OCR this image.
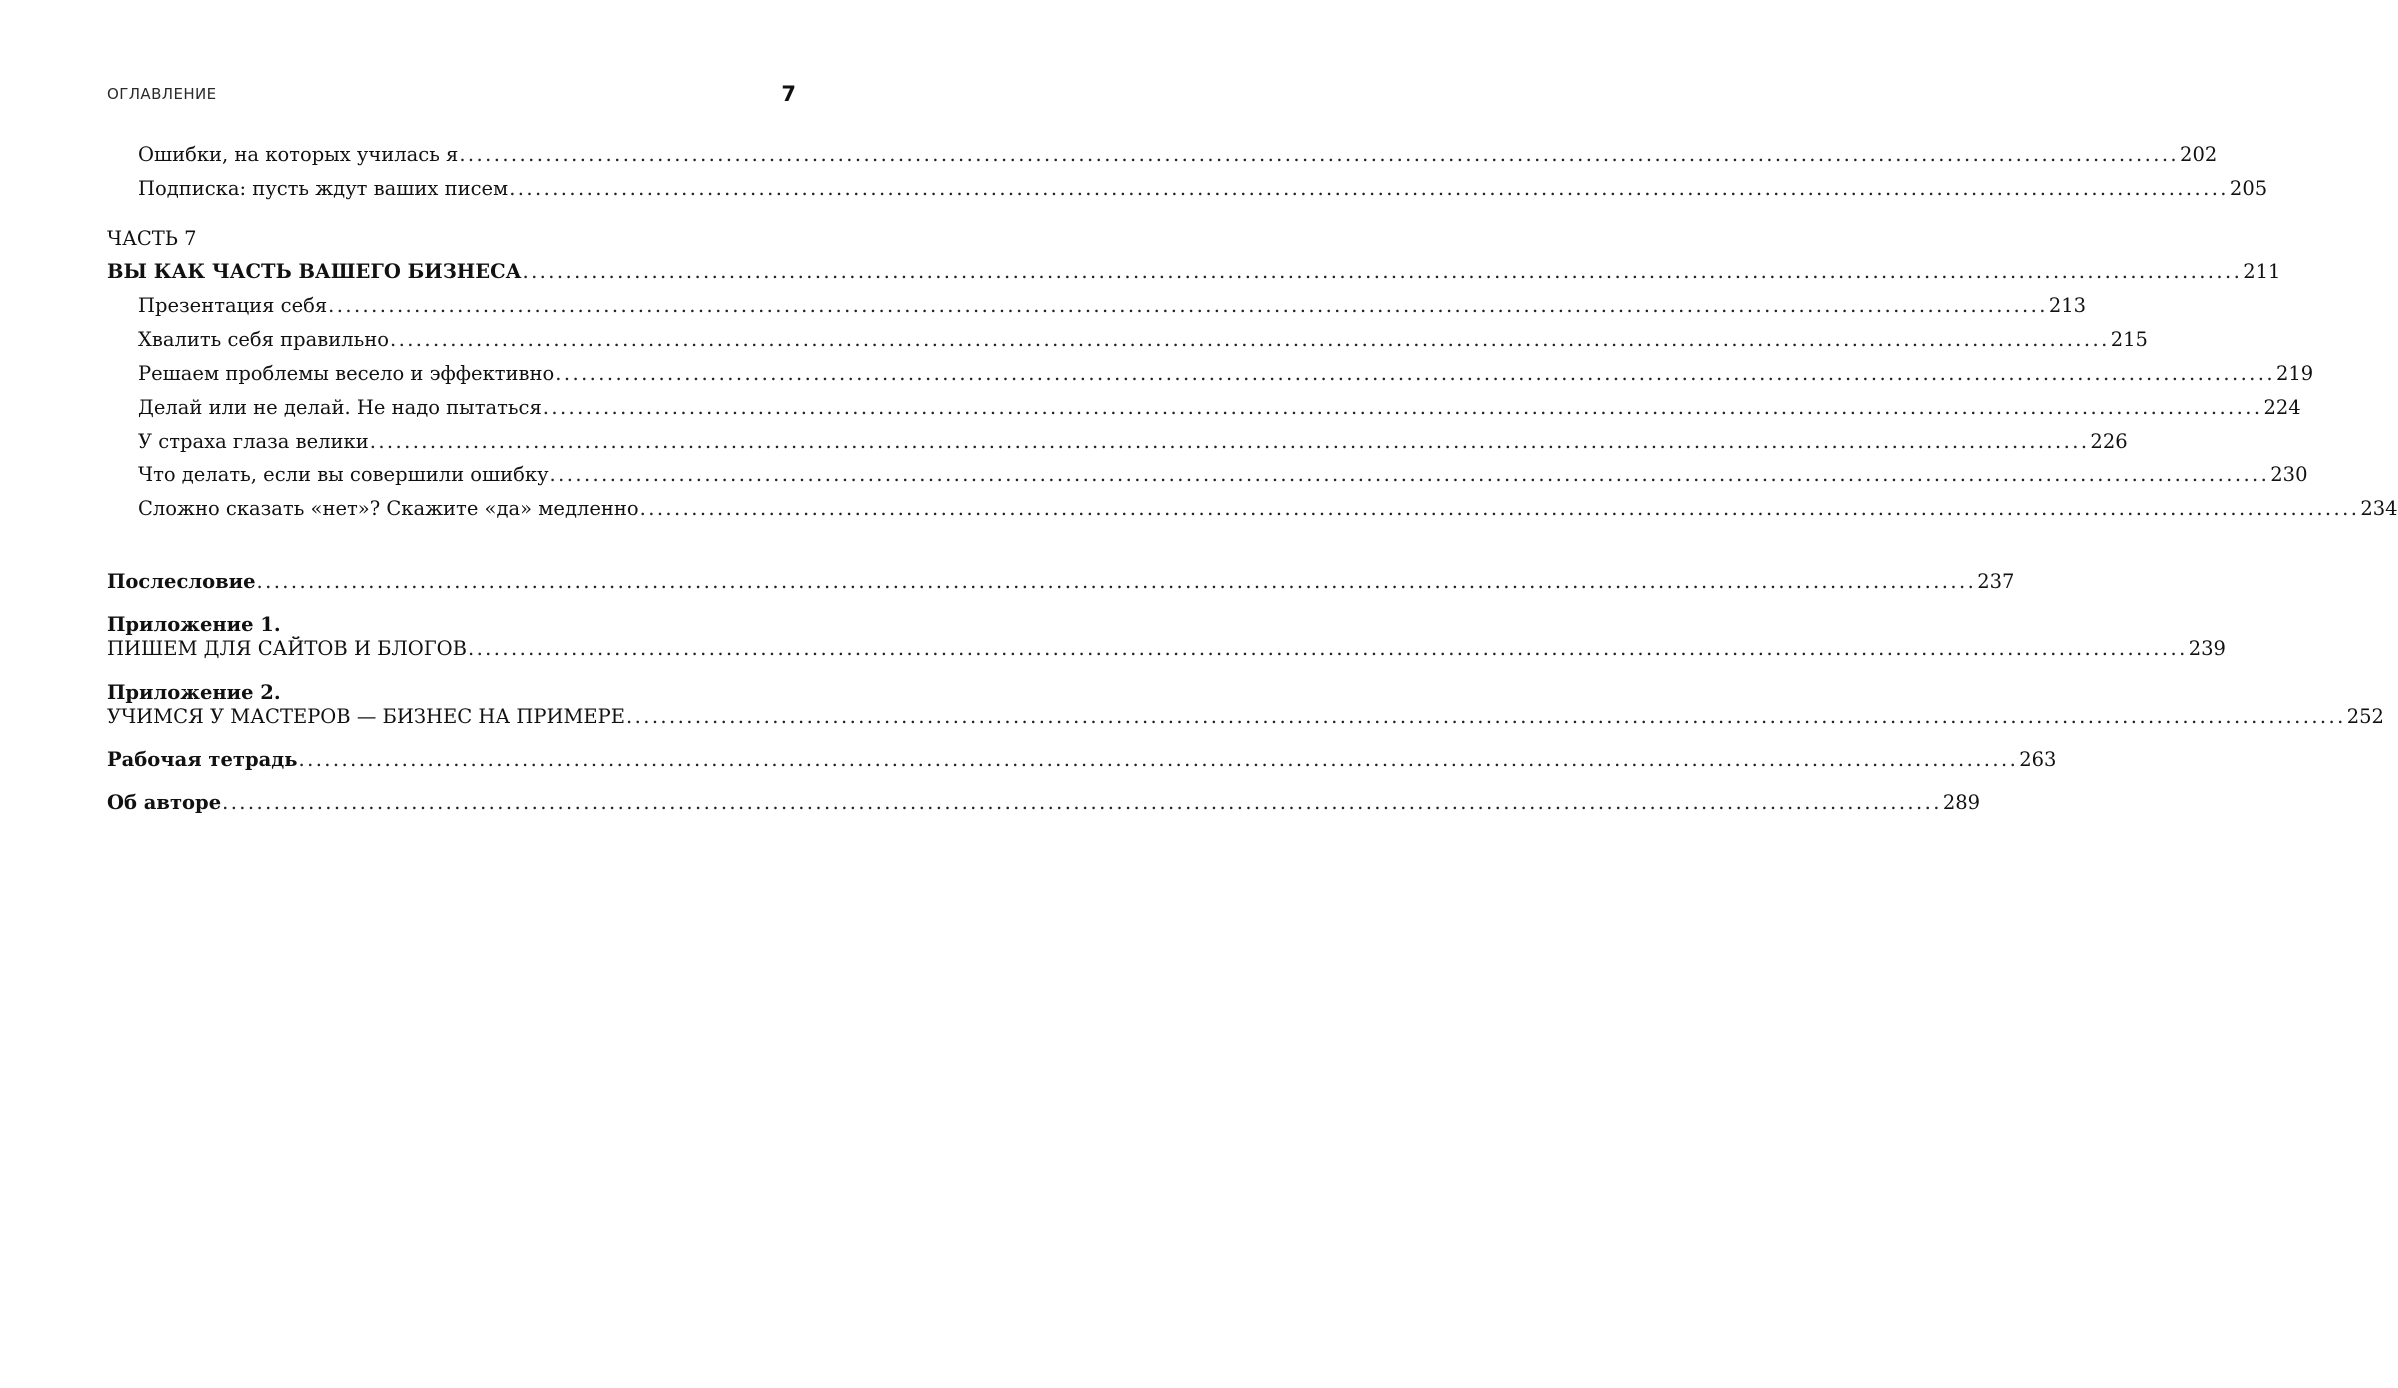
ОГЛАВЛЕНИЕ	7
Ошибки, на которых училась я ........................................................................................................................................................................................................ 202
Подписка: пусть ждут ваших писем ........................................................................................................................................................................................................ 205
ЧАСТЬ 7
ВЫ КАК ЧАСТЬ ВАШЕГО БИЗНЕСА ........................................................................................................................................................................................................ 211
Презентация себя ........................................................................................................................................................................................................ 213
Хвалить себя правильно ........................................................................................................................................................................................................ 215
Решаем проблемы весело и эффективно ........................................................................................................................................................................................................ 219
Делай или не делай. Не надо пытаться ........................................................................................................................................................................................................ 224
У страха глаза велики ........................................................................................................................................................................................................ 226
Что делать, если вы совершили ошибку ........................................................................................................................................................................................................ 230
Сложно сказать «нет»? Скажите «да» медленно ........................................................................................................................................................................................................ 234
Послесловие ........................................................................................................................................................................................................ 237
Приложение 1.
ПИШЕМ ДЛЯ САЙТОВ И БЛОГОВ ........................................................................................................................................................................................................ 239
Приложение 2.
УЧИМСЯ У МАСТЕРОВ — БИЗНЕС НА ПРИМЕРЕ ........................................................................................................................................................................................................ 252
Рабочая тетрадь ........................................................................................................................................................................................................ 263
Об авторе ........................................................................................................................................................................................................ 289
